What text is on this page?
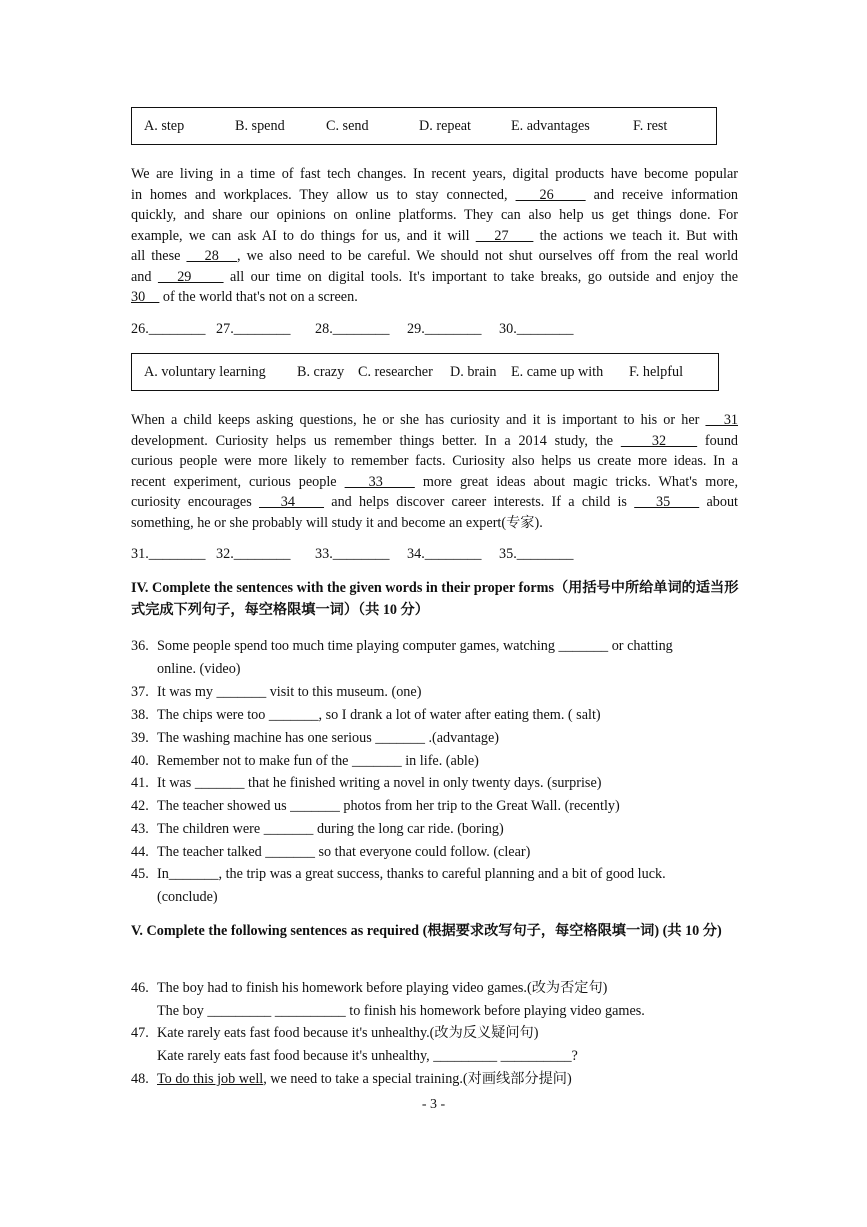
A. step	B. spend	C. send	D. repeat	E. advantages	F. rest
We are living in a time of fast tech changes. In recent years, digital products have become popular
in homes and workplaces. They allow us to stay connected,    26     and receive information
quickly, and share our opinions on online platforms. They can also help us get things done. For
example, we can ask AI to do things for us, and it will    27     the actions we teach it. But with
all these    28   , we also need to be careful. We should not shut ourselves off from the real world
and    29      all our time on digital tools. It's important to take breaks, go outside and enjoy the
30     of the world that's not on a screen.
26.________ 27.________	28.________	29.________	30.________
A. voluntary learning	B. crazy C. researcher	D. brain	E. came up with	F. helpful
When a child keeps asking questions, he or she has curiosity and it is important to his or her    31
development. Curiosity helps us remember things better. In a 2014 study, the     32     found
curious people were more likely to remember facts. Curiosity also helps us create more ideas. In a
recent experiment, curious people    33     more great ideas about magic tricks. What's more,
curiosity encourages    34     and helps discover career interests. If a child is    35     about
something, he or she probably will study it and become an expert(专家).
31.________ 32.________	33.________	34.________	35.________

IV. Complete the sentences with the given words in their proper forms（用括号中所给单词的适当形式完成下列句子，每空格限填一词）（共 10 分）

36. Some people spend too much time playing computer games, watching _______ or chatting
online. (video)
37. It was my _______ visit to this museum. (one)
38. The chips were too _______, so I drank a lot of water after eating them. ( salt)
39. The washing machine has one serious _______ .(advantage)
40. Remember not to make fun of the _______ in life. (able)
41. It was _______ that he finished writing a novel in only twenty days. (surprise)
42. The teacher showed us _______ photos from her trip to the Great Wall. (recently)
43. The children were _______ during the long car ride. (boring)
44. The teacher talked _______ so that everyone could follow. (clear)
45. In_______, the trip was a great success, thanks to careful planning and a bit of good luck.
(conclude)

V. Complete the following sentences as required (根据要求改写句子，每空格限填一词) (共 10 分)

46. The boy had to finish his homework before playing video games.(改为否定句)
The boy _________ __________ to finish his homework before playing video games.
47. Kate rarely eats fast food because it's unhealthy.(改为反义疑问句)
Kate rarely eats fast food because it's unhealthy, _________ __________?
48. To do this job well, we need to take a special training.(对画线部分提问)
- 3 -
